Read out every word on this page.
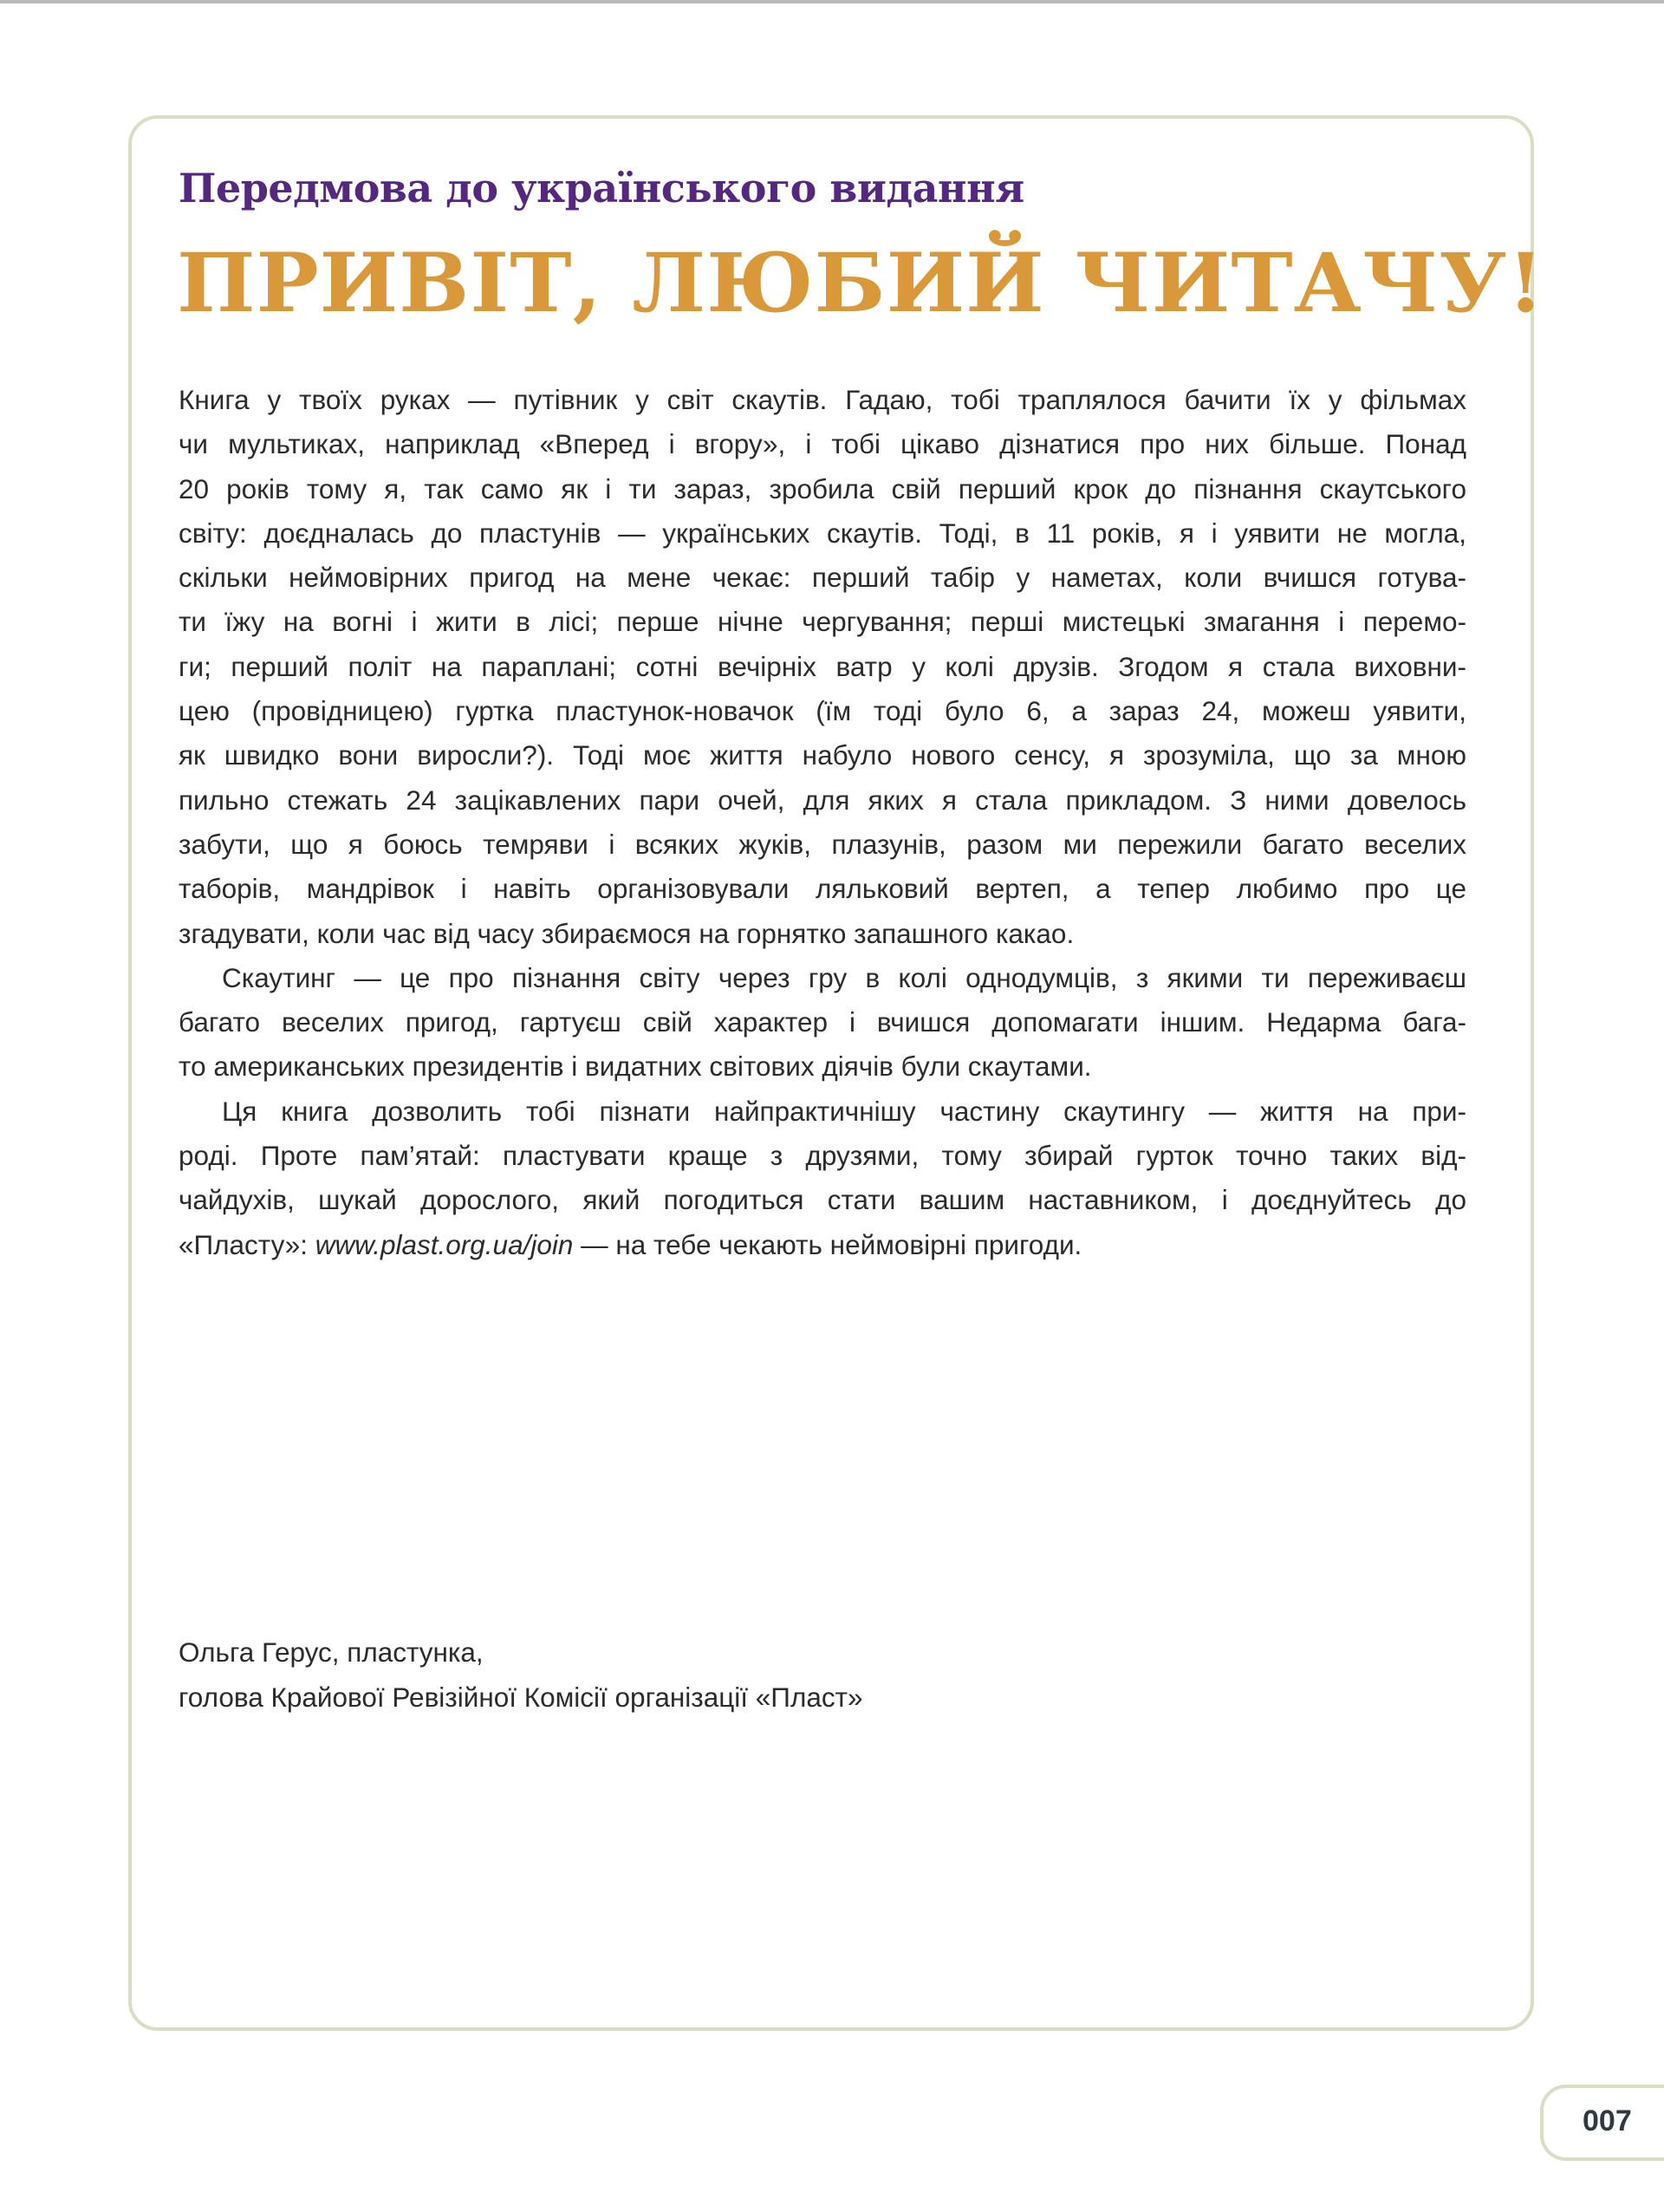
Передмова до українського видання
ПРИВІТ, ЛЮБИЙ ЧИТАЧУ!
Книга у твоїх руках — путівник у світ скаутів. Гадаю, тобі траплялося бачити їх у фільмах
чи мультиках, наприклад «Вперед і вгору», і тобі цікаво дізнатися про них більше. Понад
20 років тому я, так само як і ти зараз, зробила свій перший крок до пізнання скаутського
світу: доєдналась до пластунів — українських скаутів. Тоді, в 11 років, я і уявити не могла,
скільки неймовірних пригод на мене чекає: перший табір у наметах, коли вчишся готува-
ти їжу на вогні і жити в лісі; перше нічне чергування; перші мистецькі змагання і перемо-
ги; перший політ на параплані; сотні вечірніх ватр у колі друзів. Згодом я стала виховни-
цею (провідницею) гуртка пластунок-новачок (їм тоді було 6, а зараз 24, можеш уявити,
як швидко вони виросли?). Тоді моє життя набуло нового сенсу, я зрозуміла, що за мною
пильно стежать 24 зацікавлених пари очей, для яких я стала прикладом. З ними довелось
забути, що я боюсь темряви і всяких жуків, плазунів, разом ми пережили багато веселих
таборів, мандрівок і навіть організовували ляльковий вертеп, а тепер любимо про це
згадувати, коли час від часу збираємося на горнятко запашного какао.
Скаутинг — це про пізнання світу через гру в колі однодумців, з якими ти переживаєш
багато веселих пригод, гартуєш свій характер і вчишся допомагати іншим. Недарма бага-
то американських президентів і видатних світових діячів були скаутами.
Ця книга дозволить тобі пізнати найпрактичнішу частину скаутингу — життя на при-
роді. Проте пам’ятай: пластувати краще з друзями, тому збирай гурток точно таких від-
чайдухів, шукай дорослого, який погодиться стати вашим наставником, і доєднуйтесь до
«Пласту»: www.plast.org.ua/join — на тебе чекають неймовірні пригоди.
Ольга Герус, пластунка,
голова Крайової Ревізійної Комісії організації «Пласт»
007
